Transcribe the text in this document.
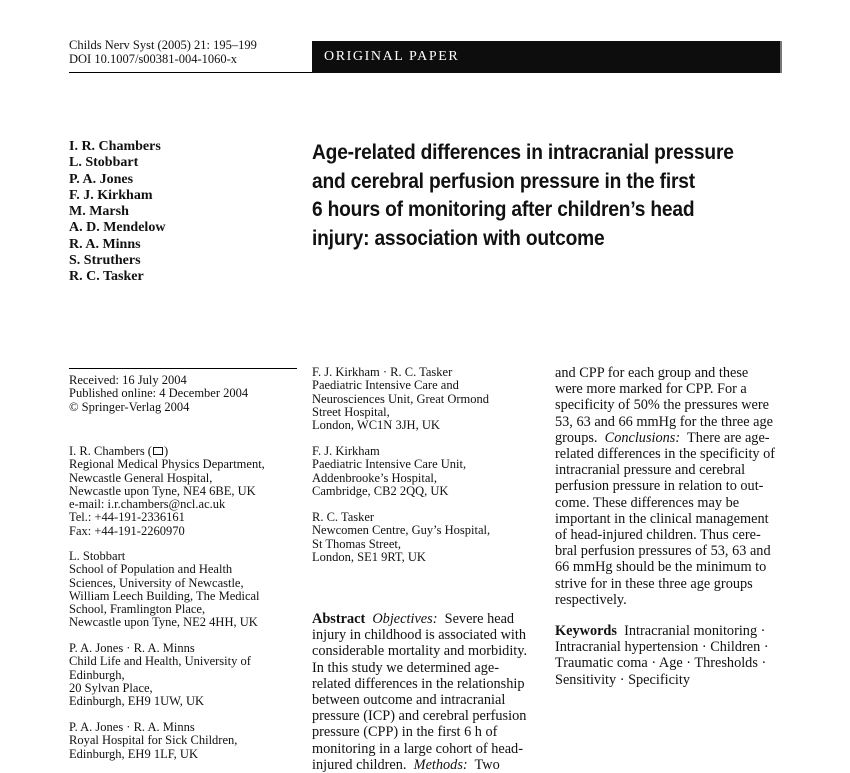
Childs Nerv Syst (2005) 21: 195–199
DOI 10.1007/s00381-004-1060-x	ORIGINAL PAPER
I. R. Chambers
L. Stobbart
P. A. Jones
F. J. Kirkham
M. Marsh
A. D. Mendelow
R. A. Minns
S. Struthers
R. C. Tasker
Age-related differences in intracranial pressure
and cerebral perfusion pressure in the first
6 hours of monitoring after children’s head
injury: association with outcome
Received: 16 July 2004
Published online: 4 December 2004
© Springer-Verlag 2004
I. R. Chambers ( )
Regional Medical Physics Department,
Newcastle General Hospital,
Newcastle upon Tyne, NE4 6BE, UK
e-mail: i.r.chambers@ncl.ac.uk
Tel.: +44-191-2336161
Fax: +44-191-2260970
L. Stobbart
School of Population and Health
Sciences, University of Newcastle,
William Leech Building, The Medical
School, Framlington Place,
Newcastle upon Tyne, NE2 4HH, UK
P. A. Jones · R. A. Minns
Child Life and Health, University of
Edinburgh,
20 Sylvan Place,
Edinburgh, EH9 1UW, UK
P. A. Jones · R. A. Minns
Royal Hospital for Sick Children,
Edinburgh, EH9 1LF, UK
F. J. Kirkham · R. C. Tasker
Paediatric Intensive Care and
Neurosciences Unit, Great Ormond
Street Hospital,
London, WC1N 3JH, UK
F. J. Kirkham
Paediatric Intensive Care Unit,
Addenbrooke’s Hospital,
Cambridge, CB2 2QQ, UK
R. C. Tasker
Newcomen Centre, Guy’s Hospital,
St Thomas Street,
London, SE1 9RT, UK
Abstract Objectives: Severe head
injury in childhood is associated with
considerable mortality and morbidity.
In this study we determined age-
related differences in the relationship
between outcome and intracranial
pressure (ICP) and cerebral perfusion
pressure (CPP) in the first 6 h of
monitoring in a large cohort of head-
injured children. Methods: Two
and CPP for each group and these
were more marked for CPP. For a
specificity of 50% the pressures were
53, 63 and 66 mmHg for the three age
groups. Conclusions: There are age-
related differences in the specificity of
intracranial pressure and cerebral
perfusion pressure in relation to out-
come. These differences may be
important in the clinical management
of head-injured children. Thus cere-
bral perfusion pressures of 53, 63 and
66 mmHg should be the minimum to
strive for in these three age groups
respectively.
Keywords Intracranial monitoring ·
Intracranial hypertension · Children ·
Traumatic coma · Age · Thresholds ·
Sensitivity · Specificity
